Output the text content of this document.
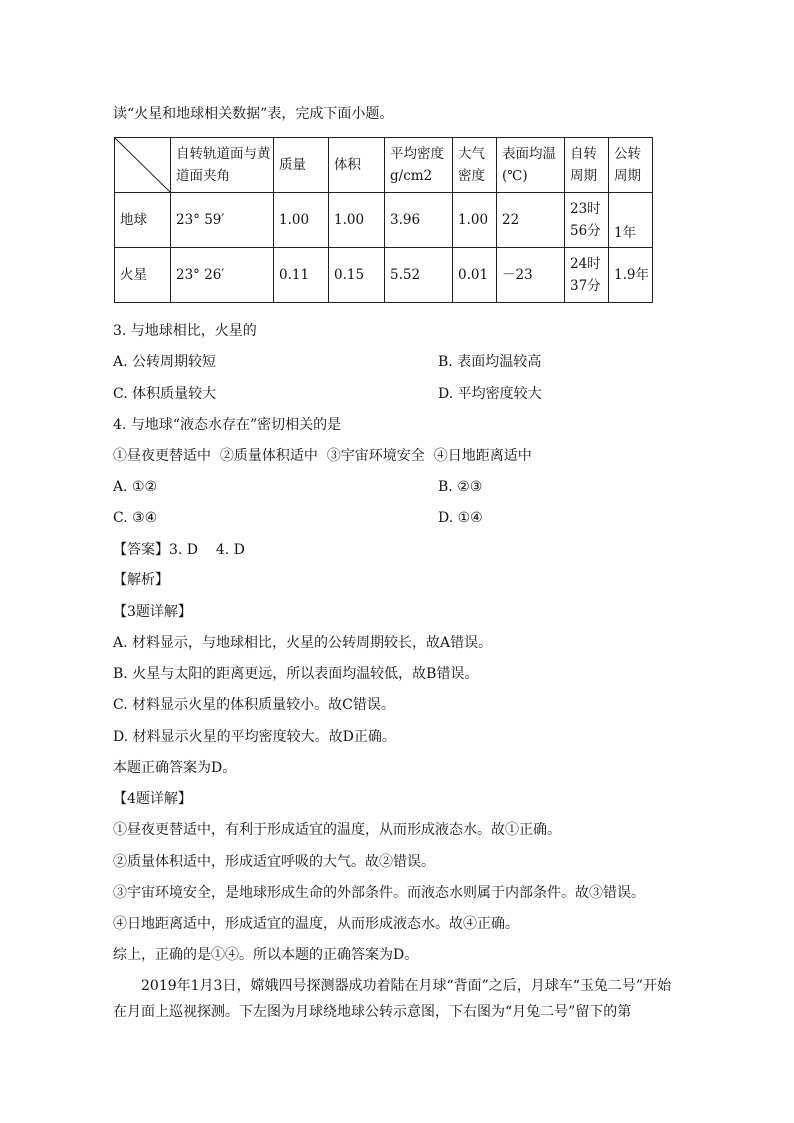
读“火星和地球相关数据”表，完成下面小题。
	自转轨道面与黄道面夹角	质量	体积	平均密度g/cm2	大气密度	表面均温(℃)	自转周期	公转周期
地球	23° 59′	1.00	1.00	3.96	1.00	22	23时56分	1年
火星	23° 26′	0.11	0.15	5.52	0.01	－23	24时37分	1.9年
3. 与地球相比，火星的
A. 公转周期较短	B. 表面均温较高
C. 体积质量较大	D. 平均密度较大
4. 与地球“液态水存在”密切相关的是
①昼夜更替适中  ②质量体积适中  ③宇宙环境安全  ④日地距离适中
A. ①②	B. ②③
C. ③④	D. ①④
【答案】3. D    4. D
【解析】
【3题详解】
A. 材料显示，与地球相比，火星的公转周期较长，故A错误。
B. 火星与太阳的距离更远，所以表面均温较低，故B错误。
C. 材料显示火星的体积质量较小。故C错误。
D. 材料显示火星的平均密度较大。故D正确。
本题正确答案为D。
【4题详解】
①昼夜更替适中，有利于形成适宜的温度，从而形成液态水。故①正确。
②质量体积适中，形成适宜呼吸的大气。故②错误。
③宇宙环境安全，是地球形成生命的外部条件。而液态水则属于内部条件。故③错误。
④日地距离适中，形成适宜的温度，从而形成液态水。故④正确。
综上，正确的是①④。所以本题的正确答案为D。
2019年1月3日，嫦娥四号探测器成功着陆在月球“背面”之后，月球车“玉兔二号”开始在月面上巡视探测。下左图为月球绕地球公转示意图，下右图为“月兔二号”留下的第
